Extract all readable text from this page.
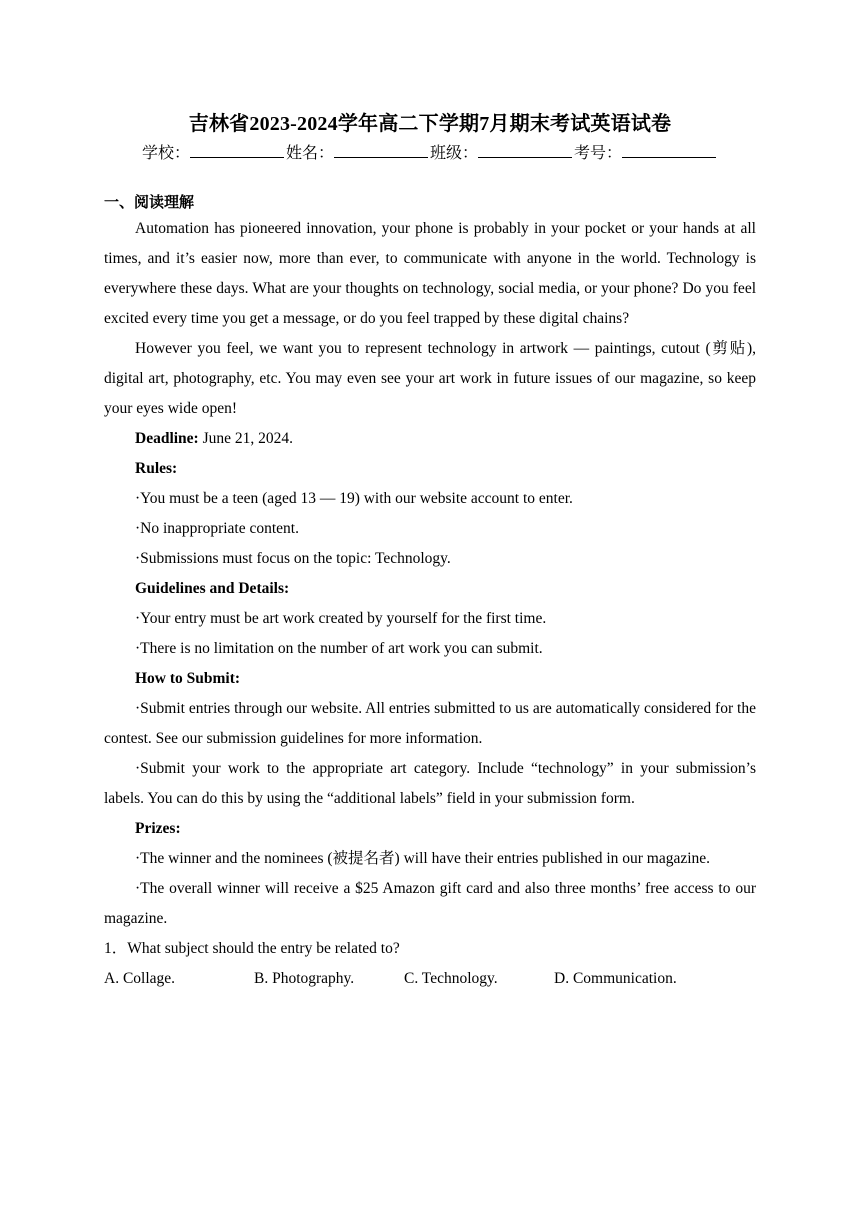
吉林省2023-2024学年高二下学期7月期末考试英语试卷
学校：	姓名：	班级：	考号：
一、阅读理解

Automation has pioneered innovation, your phone is probably in your pocket or your hands at all times, and it’s easier now, more than ever, to communicate with anyone in the world. Technology is everywhere these days. What are your thoughts on technology, social media, or your phone? Do you feel excited every time you get a message, or do you feel trapped by these digital chains?

However you feel, we want you to represent technology in artwork — paintings, cutout (剪贴), digital art, photography, etc. You may even see your art work in future issues of our magazine, so keep your eyes wide open!

Deadline: June 21, 2024.

Rules:

·You must be a teen (aged 13 — 19) with our website account to enter.

·No inappropriate content.

·Submissions must focus on the topic: Technology.

Guidelines and Details:

·Your entry must be art work created by yourself for the first time.

·There is no limitation on the number of art work you can submit.

How to Submit:

·Submit entries through our website. All entries submitted to us are automatically considered for the contest. See our submission guidelines for more information.

·Submit your work to the appropriate art category. Include “technology” in your submission’s labels. You can do this by using the “additional labels” field in your submission form.

Prizes:

·The winner and the nominees (被提名者) will have their entries published in our magazine.

·The overall winner will receive a $25 Amazon gift card and also three months’ free access to our magazine.

1．What subject should the entry be related to?

A. Collage.	B. Photography.	C. Technology.	D. Communication.
